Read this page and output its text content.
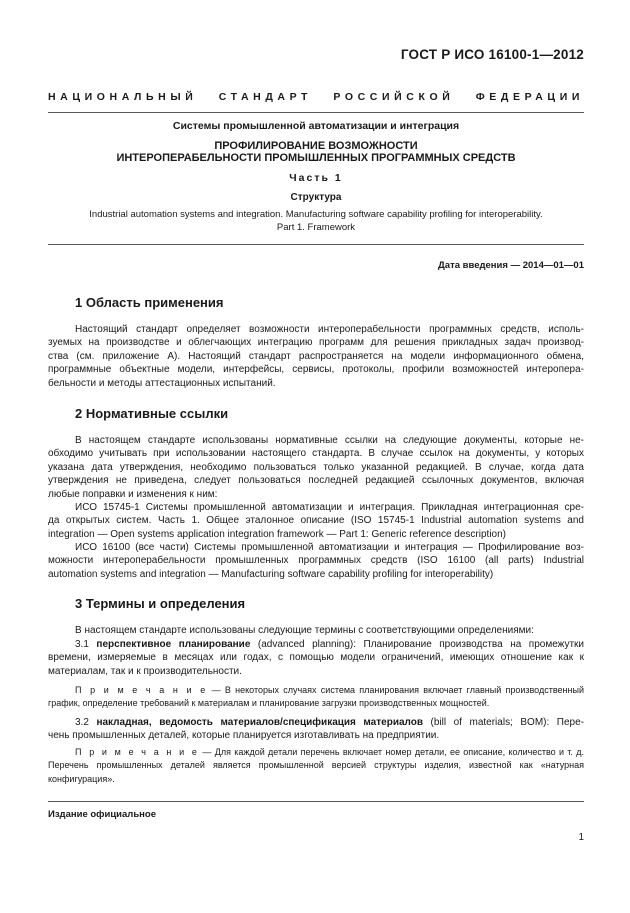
ГОСТ Р ИСО 16100-1—2012
НАЦИОНАЛЬНЫЙ СТАНДАРТ РОССИЙСКОЙ ФЕДЕРАЦИИ
Системы промышленной автоматизации и интеграция
ПРОФИЛИРОВАНИЕ ВОЗМОЖНОСТИ
ИНТЕРОПЕРАБЕЛЬНОСТИ ПРОМЫШЛЕННЫХ ПРОГРАММНЫХ СРЕДСТВ
Часть 1
Структура
Industrial automation systems and integration. Manufacturing software capability profiling for interoperability.
Part 1. Framework
Дата введения — 2014—01—01
1 Область применения
Настоящий стандарт определяет возможности интероперабельности программных средств, исполь-
зуемых на производстве и облегчающих интеграцию программ для решения прикладных задач производ-
ства (см. приложение А). Настоящий стандарт распространяется на модели информационного обмена,
программные объектные модели, интерфейсы, сервисы, протоколы, профили возможностей интеропера-
бельности и методы аттестационных испытаний.
2 Нормативные ссылки
В настоящем стандарте использованы нормативные ссылки на следующие документы, которые не-
обходимо учитывать при использовании настоящего стандарта. В случае ссылок на документы, у которых
указана дата утверждения, необходимо пользоваться только указанной редакцией. В случае, когда дата
утверждения не приведена, следует пользоваться последней редакцией ссылочных документов, включая
любые поправки и изменения к ним:
ИСО 15745-1 Системы промышленной автоматизации и интеграция. Прикладная интеграционная сре-
да открытых систем. Часть 1. Общее эталонное описание (ISO 15745-1 Industrial automation systems and
integration — Open systems application integration framework — Part 1: Generic reference description)
ИСО 16100 (все части) Системы промышленной автоматизации и интеграция — Профилирование воз-
можности интероперабельности промышленных программных средств (ISO 16100 (all parts) Industrial
automation systems and integration — Manufacturing software capability profiling for interoperability)
3 Термины и определения
В настоящем стандарте использованы следующие термины с соответствующими определениями:
3.1 перспективное планирование (advanced planning): Планирование производства на промежутки
времени, измеряемые в месяцах или годах, с помощью модели ограничений, имеющих отношение как к
материалам, так и к производительности.
П р и м е ч а н и е — В некоторых случаях система планирования включает главный производственный
график, определение требований к материалам и планирование загрузки производственных мощностей.
3.2 накладная, ведомость материалов/спецификация материалов (bill of materials; BOM): Пере-
чень промышленных деталей, которые планируется изготавливать на предприятии.
П р и м е ч а н и е — Для каждой детали перечень включает номер детали, ее описание, количество и т. д.
Перечень промышленных деталей является промышленной версией структуры изделия, известной как «натурная
конфигурация».
Издание официальное
1
